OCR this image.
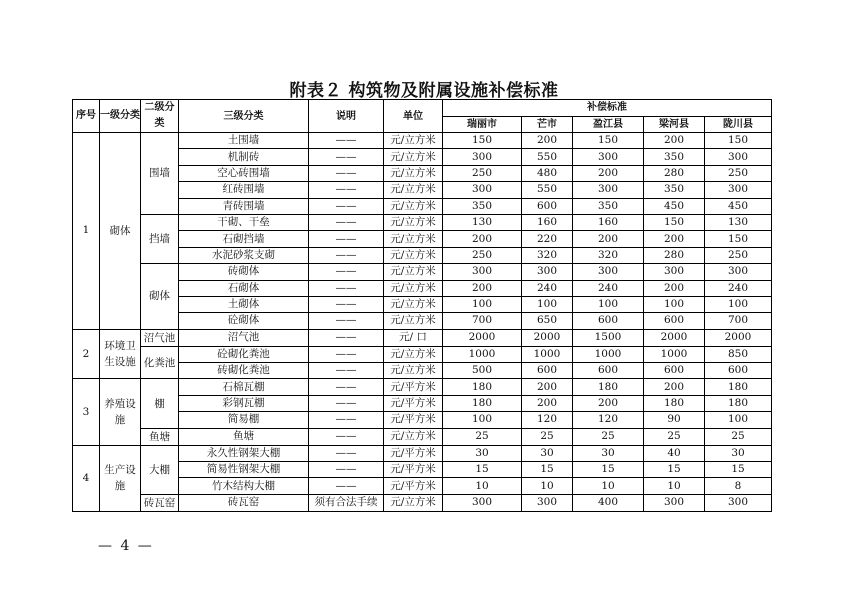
附表２ 构筑物及附属设施补偿标准
序号	一级分类	二级分类	三级分类	说明	单位	补偿标准				
						瑞丽市	芒市	盈江县	梁河县	陇川县
1	砌体	围墙	土围墙	——	元/立方米	150	200	150	200	150
			机制砖	——	元/立方米	300	550	300	350	300
			空心砖围墙	——	元/立方米	250	480	200	280	250
			红砖围墙	——	元/立方米	300	550	300	350	300
			青砖围墙	——	元/立方米	350	600	350	450	450
		挡墙	干砌、干垒	——	元/立方米	130	160	160	150	130
			石砌挡墙	——	元/立方米	200	220	200	200	150
			水泥砂浆支砌	——	元/立方米	250	320	320	280	250
		砌体	砖砌体	——	元/立方米	300	300	300	300	300
			石砌体	——	元/立方米	200	240	240	200	240
			土砌体	——	元/立方米	100	100	100	100	100
			砼砌体	——	元/立方米	700	650	600	600	700
2	环境卫生设施	沼气池	沼气池	——	元/ 口	2000	2000	1500	2000	2000
		化粪池	砼砌化粪池	——	元/立方米	1000	1000	1000	1000	850
			砖砌化粪池	——	元/立方米	500	600	600	600	600
3	养殖设施	棚	石棉瓦棚	——	元/平方米	180	200	180	200	180
			彩钢瓦棚	——	元/平方米	180	200	200	180	180
			简易棚	——	元/平方米	100	120	120	90	100
		鱼塘	鱼塘	——	元/立方米	25	25	25	25	25
4	生产设施	大棚	永久性钢架大棚	——	元/平方米	30	30	30	40	30
			简易性钢架大棚	——	元/平方米	15	15	15	15	15
			竹木结构大棚	——	元/平方米	10	10	10	10	8
		砖瓦窑	砖瓦窑	须有合法手续	元/立方米	300	300	400	300	300
— 4 —
